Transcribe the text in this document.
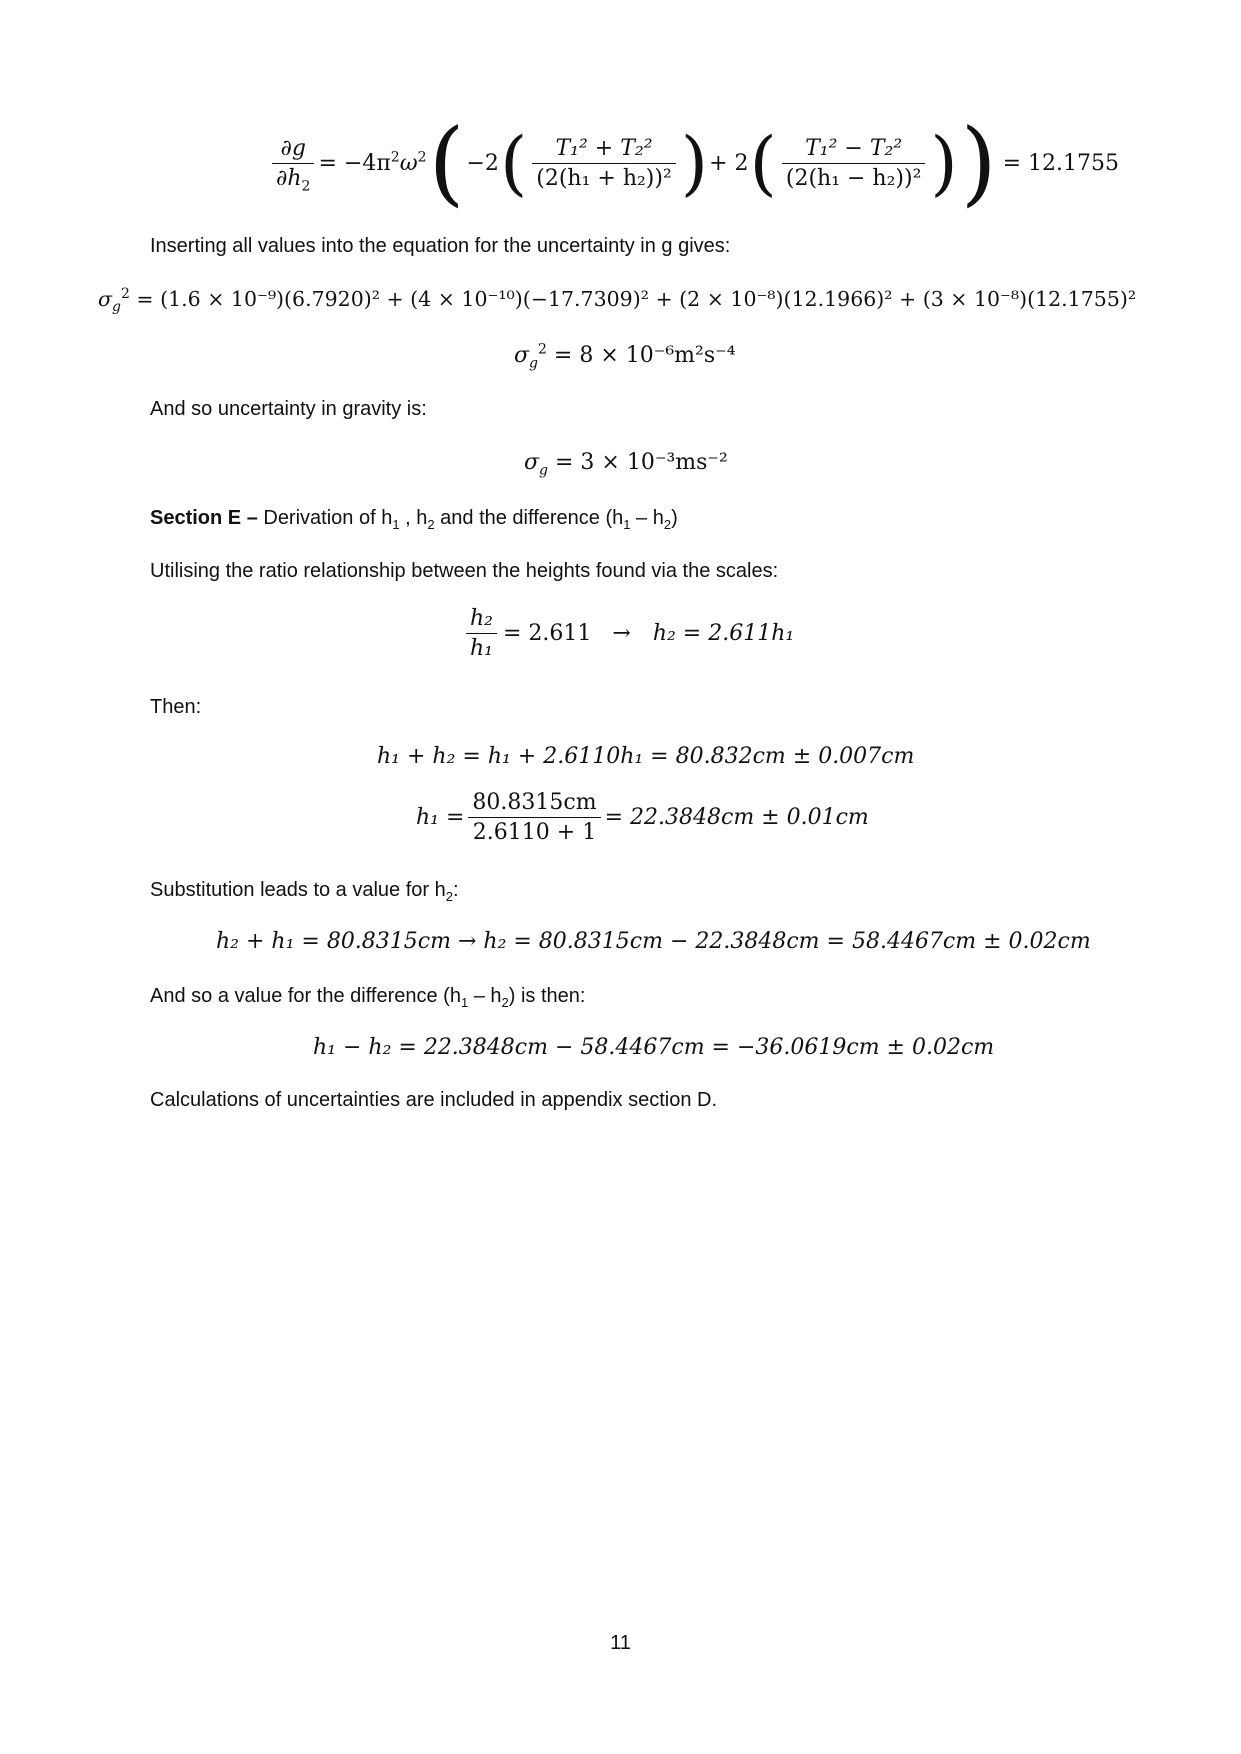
$\frac{\partial g}{\partial h_2} = -4\pi^2\omega^2$ ( −2 ( $\frac{\text{T₁² + T₂²}}{\text{(2(h₁ + h₂))²}}$ ) + 2 ( $\frac{\text{T₁² − T₂²}}{\text{(2(h₁ − h₂))²}}$ ) ) = 12.1755
Inserting all values into the equation for the uncertainty in g gives:
$\sigma_g^2 = (1.6 \times 10^{-9})(6.7920)^2 + (4 \times 10^{-10})(-17.7309)^2 + (2 \times 10^{-8})(12.1966)^2 + (3 \times 10^{-8})(12.1755)^2$
$\sigma_g^2 = 8 \times 10^{-6}m^2s^{-4}$
And so uncertainty in gravity is:
$\sigma_g = 3 \times 10^{-3}ms^{-2}$
Section E – Derivation of $h_1$ , $h_2$ and the difference $(h_1 - h_2)$
Utilising the ratio relationship between the heights found via the scales:
$\frac{\text{h₂}}{\text{h₁}} = 2.611 \to h_2 = 2.611h_1$
Then:
h₁ + h₂ = h₁ + 2.6110h₁ = 80.832cm ± 0.007cm
$h_1 = \frac{80.8315cm}{2.6110 + 1} = 22.3848cm \pm 0.01cm$
Substitution leads to a value for $h_2$:
h₂ + h₁ = 80.8315cm → h₂ = 80.8315cm − 22.3848cm = 58.4467cm ± 0.02cm
And so a value for the difference $(h_1 - h_2)$ is then:
h₁ − h₂ = 22.3848cm − 58.4467cm = −36.0619cm ± 0.02cm
Calculations of uncertainties are included in appendix section D.
11
